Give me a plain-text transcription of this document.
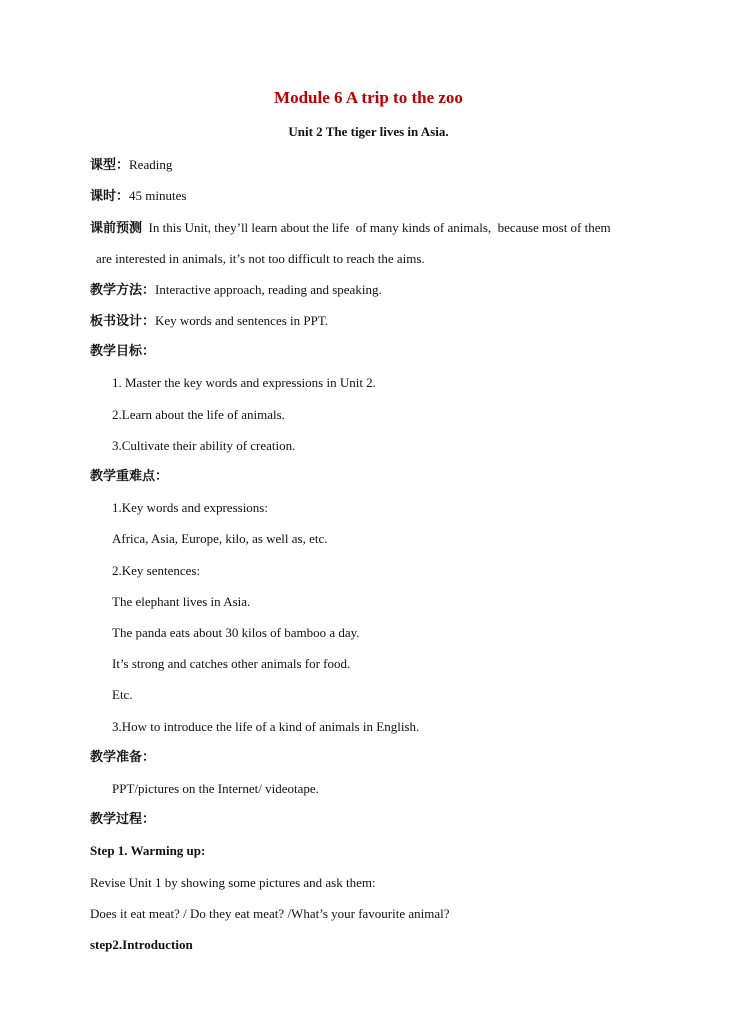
Module 6 A trip to the zoo
Unit 2 The tiger lives in Asia.
课型：Reading
课时：45 minutes
课前预测  In this Unit, they’ll learn about the life  of many kinds of animals,  because most of them
are interested in animals, it’s not too difficult to reach the aims.
教学方法：Interactive approach, reading and speaking.
板书设计：Key words and sentences in PPT.
教学目标：
1. Master the key words and expressions in Unit 2.
2.Learn about the life of animals.
3.Cultivate their ability of creation.
教学重难点：
1.Key words and expressions:
Africa, Asia, Europe, kilo, as well as, etc.
2.Key sentences:
The elephant lives in Asia.
The panda eats about 30 kilos of bamboo a day.
It’s strong and catches other animals for food.
Etc.
3.How to introduce the life of a kind of animals in English.
教学准备：
PPT/pictures on the Internet/ videotape.
教学过程：
Step 1. Warming up:
Revise Unit 1 by showing some pictures and ask them:
Does it eat meat? / Do they eat meat? /What’s your favourite animal?
step2.Introduction
